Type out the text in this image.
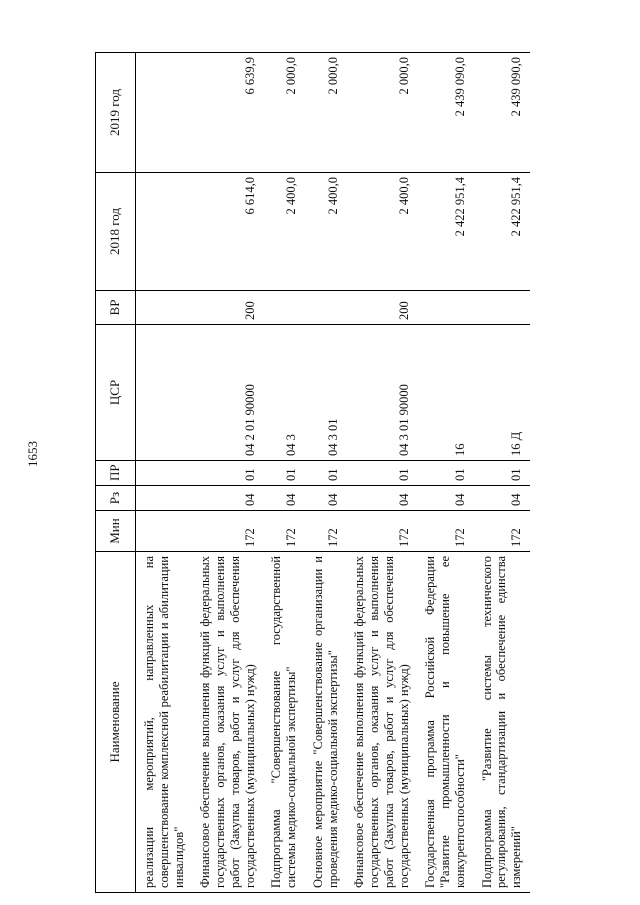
1653
Наименование	Мин	Рз	ПР	ЦСР	ВР	2018 год	2019 год
реализации мероприятий, направленных на совершенствование комплексной реабилитации и абилитации инвалидов"							
Финансовое обеспечение выполнения функций федеральных государственных органов, оказания услуг и выполнения работ (Закупка товаров, работ и услуг для обеспечения государственных (муниципальных) нужд)	172	04	01	04 2 01 90000	200	6 614,0	6 639,9
Подпрограмма "Совершенствование государственной системы медико-социальной экспертизы"	172	04	01	04 3		2 400,0	2 000,0
Основное мероприятие "Совершенствование организации и проведения медико-социальной экспертизы"	172	04	01	04 3 01		2 400,0	2 000,0
Финансовое обеспечение выполнения функций федеральных государственных органов, оказания услуг и выполнения работ (Закупка товаров, работ и услуг для обеспечения государственных (муниципальных) нужд)	172	04	01	04 3 01 90000	200	2 400,0	2 000,0
Государственная программа Российской Федерации "Развитие промышленности и повышение ее конкурентоспособности"	172	04	01	16		2 422 951,4	2 439 090,0
Подпрограмма "Развитие системы технического регулирования, стандартизации и обеспечение единства измерений"	172	04	01	16 Д		2 422 951,4	2 439 090,0
